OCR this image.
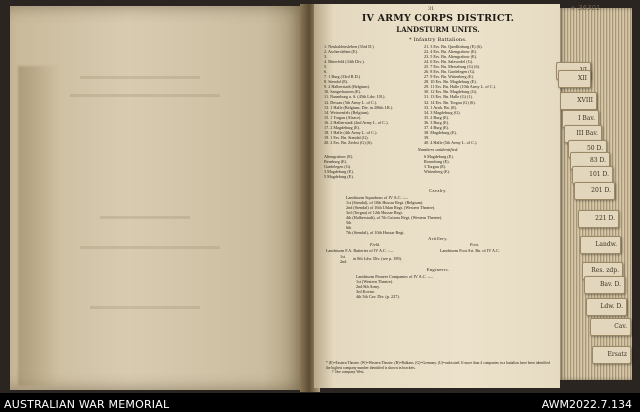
XII
XVIII
I Bav.
III Bav.
50 D.
83 D.
101 D.
201 D.
221 D.
Landw.
Res. zdp.
Bav. D.
Ldw. D.
Cav.
Ersatz
31	+ 36301
IV ARMY CORPS DISTRICT.
LANDSTURM UNITS.
* Infantry Battalions.
1. Neuhaldensleben (33rd D.)
2. Aschersleben (E).
3.
4. Bitterfeld (34th Div.).
5.
6.
7. 1 Burg (33rd R.D.)
8. Stendal (E).
9. 2 Halberstadt (Belgium).
10. Sangerhausen (E).
11. Naumburg a. S. (45th Ldw. I.R.).
12. Dessau (5th Army L. of C.).
13. 1 Halle (Belgium; Div. in 206th I.R.).
14. Weissenfels (Belgium).
15. 1 Torgau (Alsace).
16. 2 Halberstadt (2nd Army L. of C.).
17. 2 Magdeburg (E).
18. 1 Halle (4th Army L. of C.).
19. 1 Ers. Bn. Stendal (G).
20. 2 Ers. Bn. Zerbst (G) (6).
21. 3 Ers. Bn. Quedlinburg (E) (6).
22. 4 Ers. Bn. Altengrabow (E).
23. 5 Ers. Bn. Altengrabow (E).
24. 6 Ers. Bn. Salzwedel (G).
25. 7 Ers. Bn. Merseburg (G) (6).
26. 8 Ers. Bn. Gardelegen (G).
27. 9 Ers. Bn. Wittenberg (E).
28. 10 Ers. Bn. Magdeburg (E).
29. 11 Ers. Bn. Halle (10th Army L. of C.).
30. 12 Ers. Bn. Magdeburg (G).
31. 13 Ers. Bn. Halle (G) (1).
32. 14 Ers. Bn. Torgau (G) (6).
33. 1 Arnh. Bn. (E).
34. 3 Magdeburg (G).
35. 2 Burg (E).
36. 3 Burg (E).
37. 4 Burg (E).
38. Magdeburg (E).
39.
40. 4 Halle (5th Army L. of C.).
Numbers unidentified.
Altengrabow (E).
Bernburg (E).
Gardelegen (G).
3 Magdeburg (E).
5 Magdeburg (E).
6 Magdeburg (E).
Rosenburg (E).
3 Torgau (E).
Wittenberg (E).
Cavalry.
Landsturm Squadrons of IV A.C. :—
1st (Stendal), of 10th Hussar Regt. (Belgium).
2nd (Stendal) of 16th Uhlan Regt. (Western Theatre).
3rd (Torgau) of 12th Hussar Regt.
4th (Halberstadt), of 7th Cuirass Regt. (Western Theatre).
5th
6th
7th (Stendal), of 10th Hussar Regt.
Artillery.
Field.	Foot.
Landsturm F.A. Batteries of IV A.C. :—	Landsturm Foot Art. Bn. of IV A.C.
1st
2nd
in 8th Ldw. Div. (see p. 189).
Engineers.
Landsturm Pioneer Companies of IV A.C. :—
1st (Western Theatre).
2nd 8th Army.
3rd Kovno.
4th 5th Cav. Div. (p. 227).
* (E)=Eastern Theatre. (W)=Western Theatre. (B)=Balkans. (G)=Germany. (U)=unlocated. If more than 4 companies in a battalion have been identified the highest company number identified is shown in brackets.
† One company West.
AUSTRALIAN WAR MEMORIAL	AWM2022.7.134
